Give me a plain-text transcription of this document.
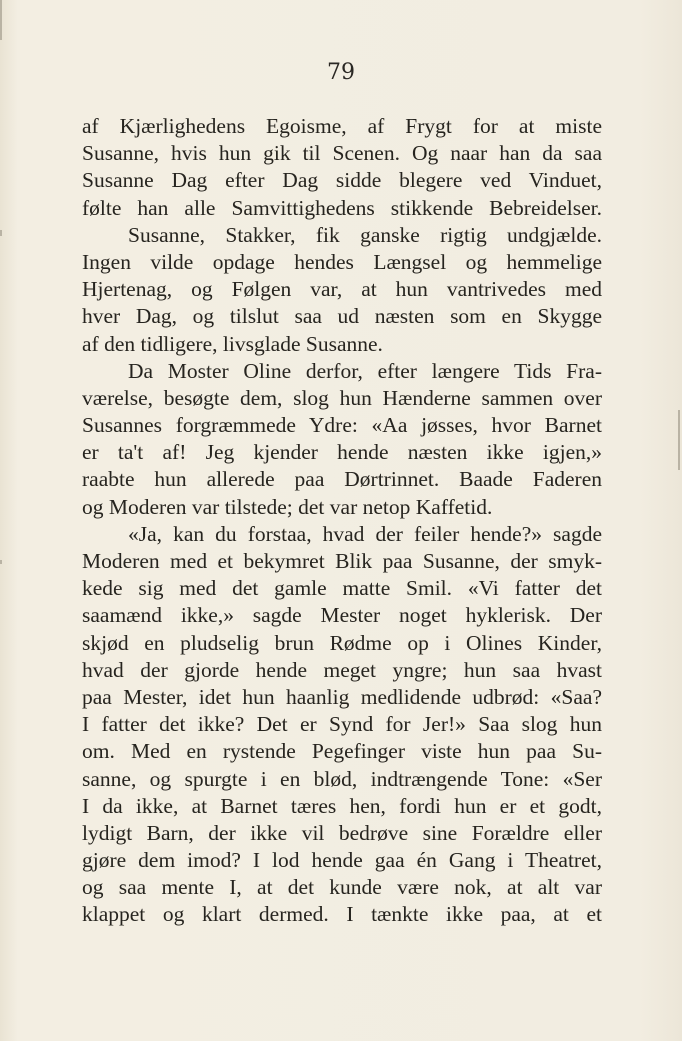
79
af Kjærlighedens Egoisme, af Frygt for at miste
Susanne, hvis hun gik til Scenen. Og naar han da saa
Susanne Dag efter Dag sidde blegere ved Vinduet,
følte han alle Samvittighedens stikkende Bebreidelser.
Susanne, Stakker, fik ganske rigtig undgjælde.
Ingen vilde opdage hendes Længsel og hemmelige
Hjertenag, og Følgen var, at hun vantrivedes med
hver Dag, og tilslut saa ud næsten som en Skygge
af den tidligere, livsglade Susanne.
Da Moster Oline derfor, efter længere Tids Fra-
værelse, besøgte dem, slog hun Hænderne sammen over
Susannes forgræmmede Ydre: «Aa jøsses, hvor Barnet
er ta't af! Jeg kjender hende næsten ikke igjen,»
raabte hun allerede paa Dørtrinnet. Baade Faderen
og Moderen var tilstede; det var netop Kaffetid.
«Ja, kan du forstaa, hvad der feiler hende?» sagde
Moderen med et bekymret Blik paa Susanne, der smyk-
kede sig med det gamle matte Smil. «Vi fatter det
saamænd ikke,» sagde Mester noget hyklerisk. Der
skjød en pludselig brun Rødme op i Olines Kinder,
hvad der gjorde hende meget yngre; hun saa hvast
paa Mester, idet hun haanlig medlidende udbrød: «Saa?
I fatter det ikke? Det er Synd for Jer!» Saa slog hun
om. Med en rystende Pegefinger viste hun paa Su-
sanne, og spurgte i en blød, indtrængende Tone: «Ser
I da ikke, at Barnet tæres hen, fordi hun er et godt,
lydigt Barn, der ikke vil bedrøve sine Forældre eller
gjøre dem imod? I lod hende gaa én Gang i Theatret,
og saa mente I, at det kunde være nok, at alt var
klappet og klart dermed. I tænkte ikke paa, at et
